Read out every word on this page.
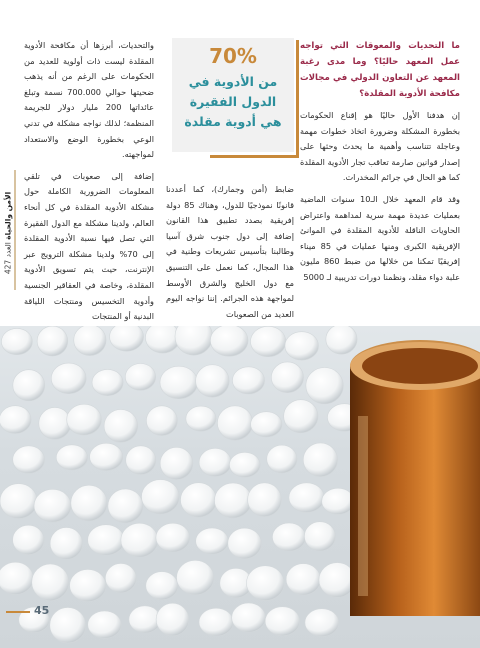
الأمن والحياة العدد 427

ما التحديات والمعوقات التي تواجه عمل المعهد حاليًا؟ وما مدى رغبة المعهد عن التعاون الدولي في مجالات مكافحة الأدوية المقلدة؟

إن هدفنا الأول حاليًا هو إقناع الحكومات بخطورة المشكلة وضرورة اتخاذ خطوات مهمة وعاجلة تتناسب وأهمية ما يحدث وحثها على إصدار قوانين صارمة تعاقب تجار الأدوية المقلدة كما هو الحال في جرائم المخدرات.

وقد قام المعهد خلال الـ10 سنوات الماضية بعمليات عديدة مهمة سرية لمداهمة واعتراض الحاويات الناقلة للأدوية المقلدة في الموانئ الإفريقية الكبرى ومنها عمليات في 85 ميناء إفريقيًا تمكنا من خلالها من ضبط 860 مليون علبة دواء مقلد، ونظمنا دورات تدريبية لـ 5000

70%
من الأدوية في الدول الفقيرة هي أدوية مقلدة

ضابط (أمن وجمارك)، كما أعددنا قانونًا نموذجيًا للدول، وهناك 85 دولة إفريقية بصدد تطبيق هذا القانون إضافة إلى دول جنوب شرق آسيا وطالبنا بتأسيس تشريعات وطنية في هذا المجال، كما نعمل على التنسيق مع دول الخليج والشرق الأوسط لمواجهة هذه الجرائم. إننا نواجه اليوم العديد من الصعوبات

والتحديات، أبرزها أن مكافحة الأدوية المقلدة ليست ذات أولوية للعديد من الحكومات على الرغم من أنه يذهب ضحيتها حوالي 700.000 نسمة وتبلغ عائداتها 200 مليار دولار للجريمة المنظمة؛ لذلك نواجه مشكلة في تدني الوعي بخطورة الوضع والاستعداد لمواجهته.

إضافة إلى صعوبات في تلقي المعلومات الضرورية الكاملة حول مشكلة الأدوية المقلدة في كل أنحاء العالم، ولدينا مشكلة مع الدول الفقيرة التي تصل فيها نسبة الأدوية المقلدة إلى 70% ولدينا مشكلة الترويج عبر الإنترنت، حيث يتم تسويق الأدوية المقلدة، وخاصة في العقاقير الجنسية وأدوية التخسيس ومنتجات اللياقة البدنية أو المنتجات

45
